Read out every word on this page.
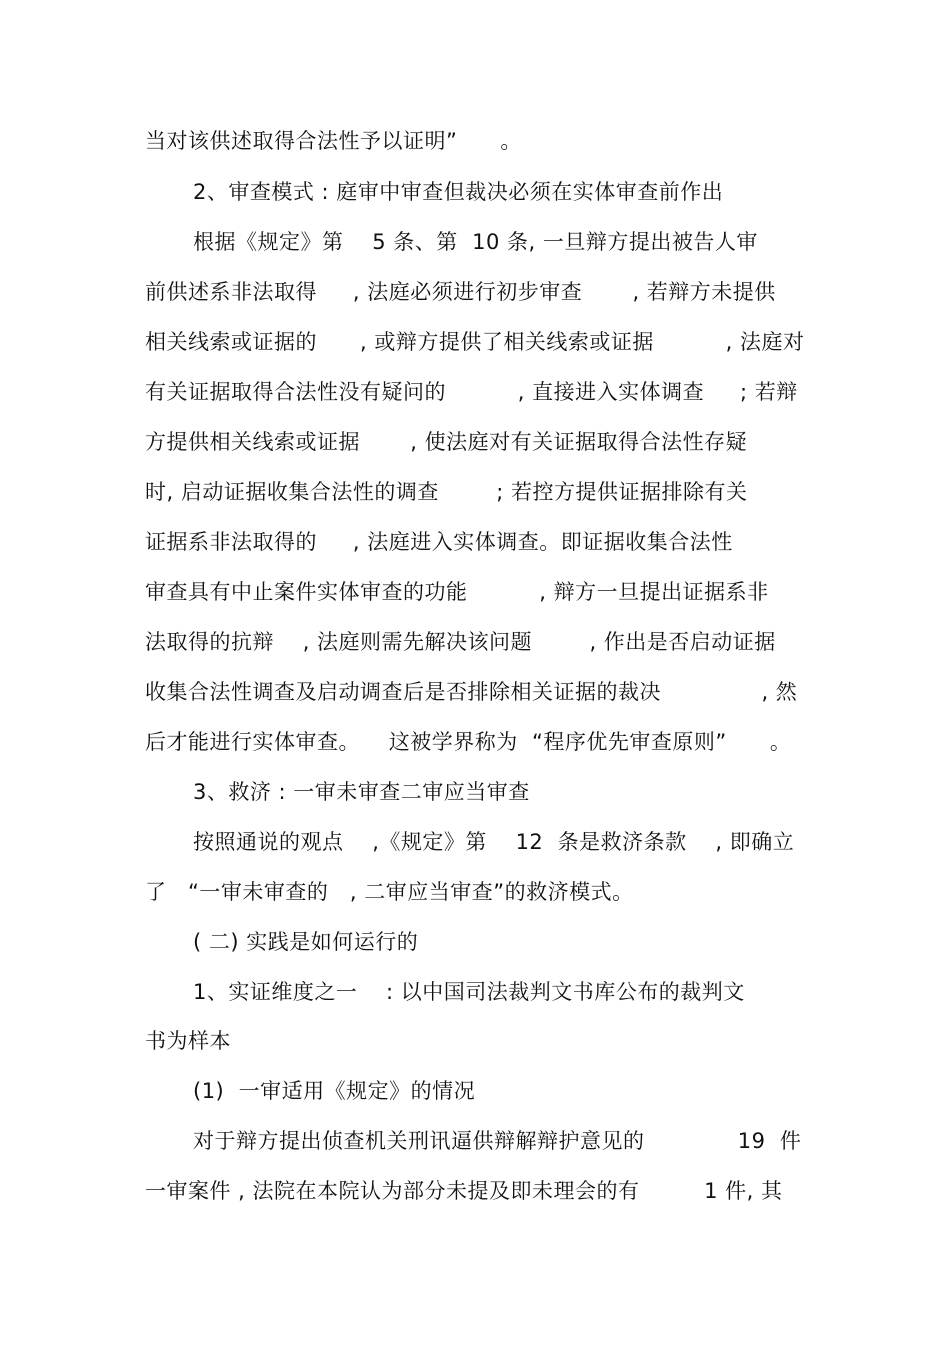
当对该供述取得合法性予以证明”      。
2、审查模式 : 庭审中审查但裁决必须在实体审查前作出
根据《规定》第    5 条、第  10 条, 一旦辩方提出被告人审
前供述系非法取得     , 法庭必须进行初步审查       , 若辩方未提供
相关线索或证据的      , 或辩方提供了相关线索或证据          , 法庭对
有关证据取得合法性没有疑问的          , 直接进入实体调查     ; 若辩
方提供相关线索或证据       , 使法庭对有关证据取得合法性存疑
时, 启动证据收集合法性的调查        ; 若控方提供证据排除有关
证据系非法取得的     , 法庭进入实体调查。即证据收集合法性
审查具有中止案件实体审查的功能          , 辩方一旦提出证据系非
法取得的抗辩    , 法庭则需先解决该问题        , 作出是否启动证据
收集合法性调查及启动调查后是否排除相关证据的裁决              , 然
后才能进行实体审查。    这被学界称为  “程序优先审查原则”      。
3、救济 : 一审未审查二审应当审查
按照通说的观点    ,《规定》第    12  条是救济条款    , 即确立
了   “一审未审查的   , 二审应当审查”的救济模式。
( 二) 实践是如何运行的
1、实证维度之一    : 以中国司法裁判文书库公布的裁判文
书为样本
(1)  一审适用《规定》的情况
对于辩方提出侦查机关刑讯逼供辩解辩护意见的             19  件
一审案件 , 法院在本院认为部分未提及即未理会的有         1 件, 其
